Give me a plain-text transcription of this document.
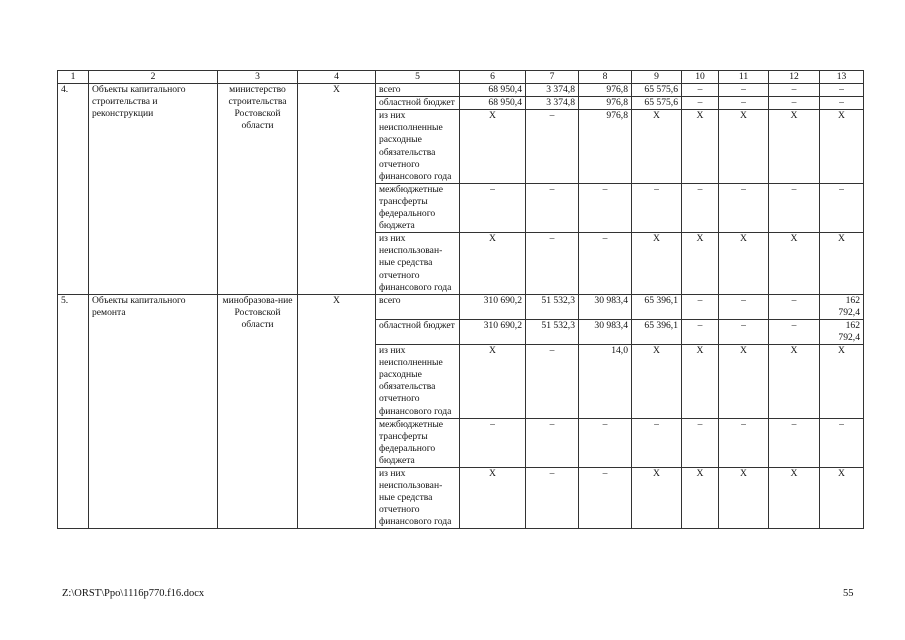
1	2	3	4	5	6	7	8	9	10	11	12	13
4.	Объекты капитального строительства и реконструкции	министерство строительства Ростовской области	Х	всего	68 950,4	3 374,8	976,8	65 575,6	–	–	–	–
				областной бюджет	68 950,4	3 374,8	976,8	65 575,6	–	–	–	–
				из них неисполненные расходные обязательства отчетного финансового года	Х	–	976,8	Х	Х	Х	Х	Х
				межбюджетные трансферты федерального бюджета	–	–	–	–	–	–	–	–
				из них неиспользован-ные средства отчетного финансового года	Х	–	–	Х	Х	Х	Х	Х
5.	Объекты капитального ремонта	минобразова-ние Ростовской области	Х	всего	310 690,2	51 532,3	30 983,4	65 396,1	–	–	–	162 792,4
				областной бюджет	310 690,2	51 532,3	30 983,4	65 396,1	–	–	–	162 792,4
				из них неисполненные расходные обязательства отчетного финансового года	Х	–	14,0	Х	Х	Х	Х	Х
				межбюджетные трансферты федерального бюджета	–	–	–	–	–	–	–	–
				из них неиспользован-ные средства отчетного финансового года	Х	–	–	Х	Х	Х	Х	Х
Z:\ORST\Ppo\1116p770.f16.docx	55
